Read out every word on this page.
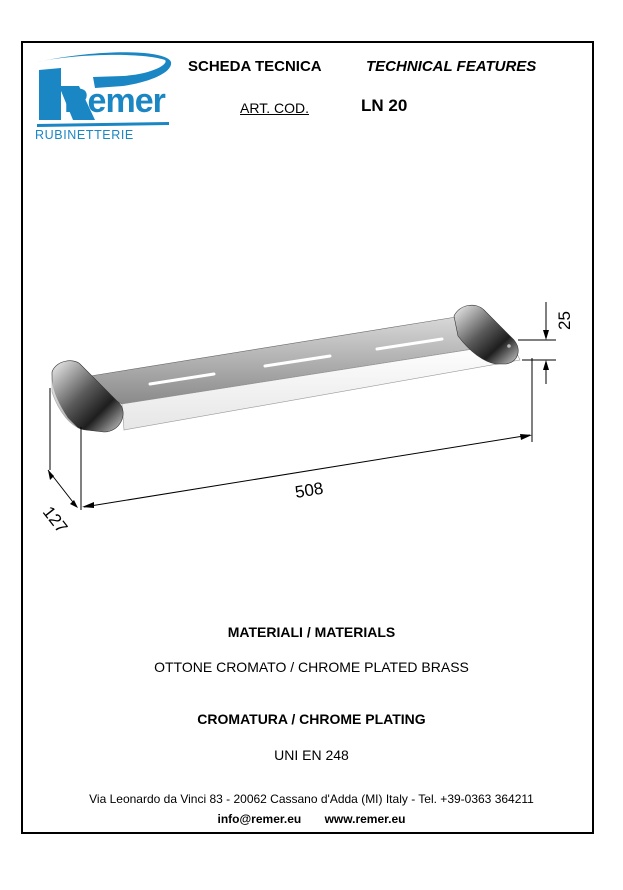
Remer
RUBINETTERIE
SCHEDA TECNICA	TECHNICAL FEATURES
ART. COD.	LN 20
508
127
25
MATERIALI / MATERIALS
OTTONE CROMATO / CHROME PLATED BRASS
CROMATURA / CHROME PLATING
UNI EN 248
Via Leonardo da Vinci 83 - 20062 Cassano d'Adda (MI) Italy - Tel. +39-0363 364211
info@remer.eu www.remer.eu
